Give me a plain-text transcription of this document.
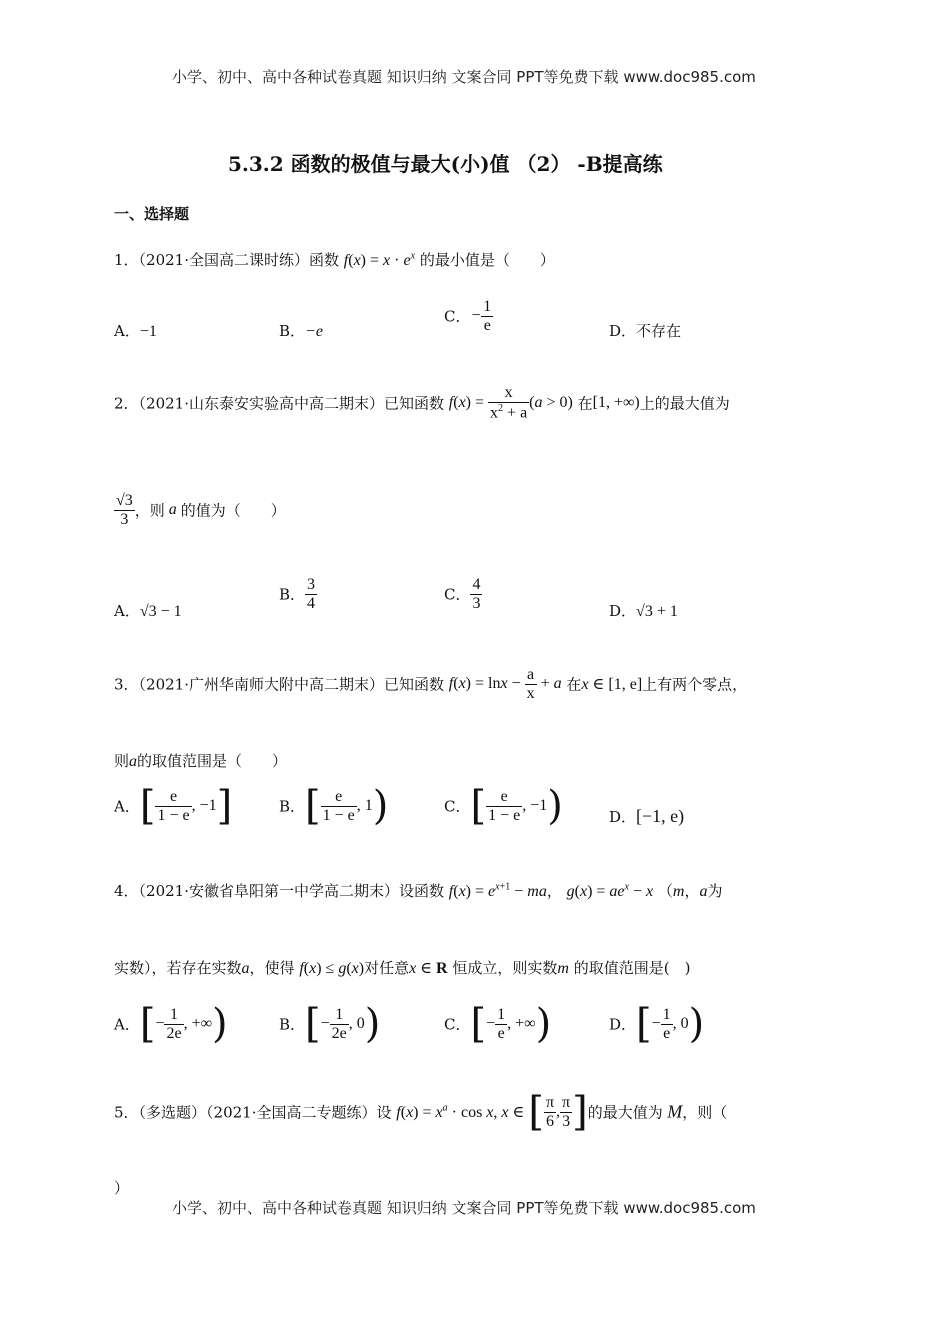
小学、初中、高中各种试卷真题 知识归纳 文案合同 PPT等免费下载 www.doc985.com
5.3.2 函数的极值与最大(小)值 （2） -B提高练
一、选择题
1．（2021·全国高二课时练）函数 $f(x) = x \cdot e^x$ 的最小值是（　　）
A．−1	B．−e
C．− $\frac{1}{e}$	D．不存在
2．（2021·山东泰安实验高中高二期末）已知函数 $f(x) = \frac{x}{x^2 + a} (a > 0)$ 在[1, +∞)上的最大值为
$\frac{√3}{3}$ ，则 a 的值为（　　）
A．√3 − 1
B． $\frac{3}{4}$	C． $\frac{4}{3}$	D．√3 + 1
3．（2021·广州华南师大附中高二期末）已知函数 $f(x) = \ln x - \frac{a}{x} + a$ 在x ∈ [1, e]上有两个零点，
则a的取值范围是（　　）
A．[ $\frac{e}{1 - e}$ , −1]	B．[ $\frac{e}{1 - e}$ , 1)	C．[ $\frac{e}{1 - e}$ , −1)	D．[−1, e)
4．（2021·安徽省阜阳第一中学高二期末）设函数 $f(x) = e^{x+1}$ − ma， $g(x) = ae^x - x$ （m，a为
实数），若存在实数a，使得 f(x) ≤ g(x)对任意x ∈ R 恒成立，则实数m 的取值范围是(　)
A．[− $\frac{1}{2e}$ , +∞)	B．[− $\frac{1}{2e}$ , 0)	C．[− $\frac{1}{e}$ , +∞)	D．[− $\frac{1}{e}$ , 0)
5．（多选题）（2021·全国高二专题练）设 $f(x) = x^a \cdot \cos x$, x ∈ [ $\frac{\pi}{6}$ , $\frac{\pi}{3}$ ]的最大值为 M，则（
）
小学、初中、高中各种试卷真题 知识归纳 文案合同 PPT等免费下载 www.doc985.com
